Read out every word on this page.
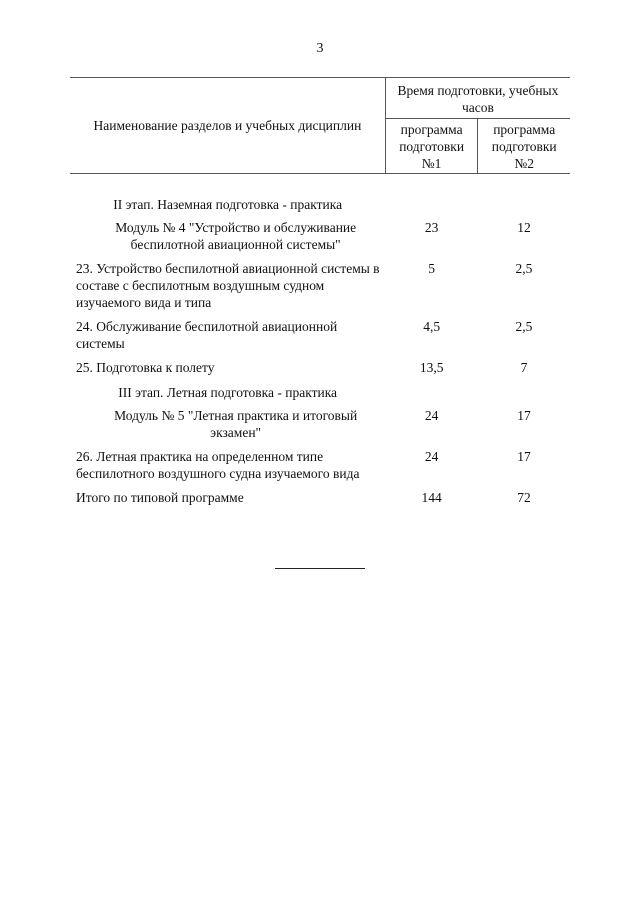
3
Наименование разделов и учебных дисциплин	Время подготовки, учебных часов	
	программа подготовки №1	программа подготовки №2

II этап. Наземная подготовка - практика		
Модуль № 4 "Устройство и обслуживание беспилотной авиационной системы"	23	12
23. Устройство беспилотной авиационной системы в составе с беспилотным воздушным судном изучаемого вида и типа	5	2,5
24. Обслуживание беспилотной авиационной системы	4,5	2,5
25. Подготовка к полету	13,5	7
III этап. Летная подготовка - практика		
Модуль № 5 "Летная практика и итоговый экзамен"	24	17
26. Летная практика на определенном типе беспилотного воздушного судна изучаемого вида	24	17
Итого по типовой программе	144	72
